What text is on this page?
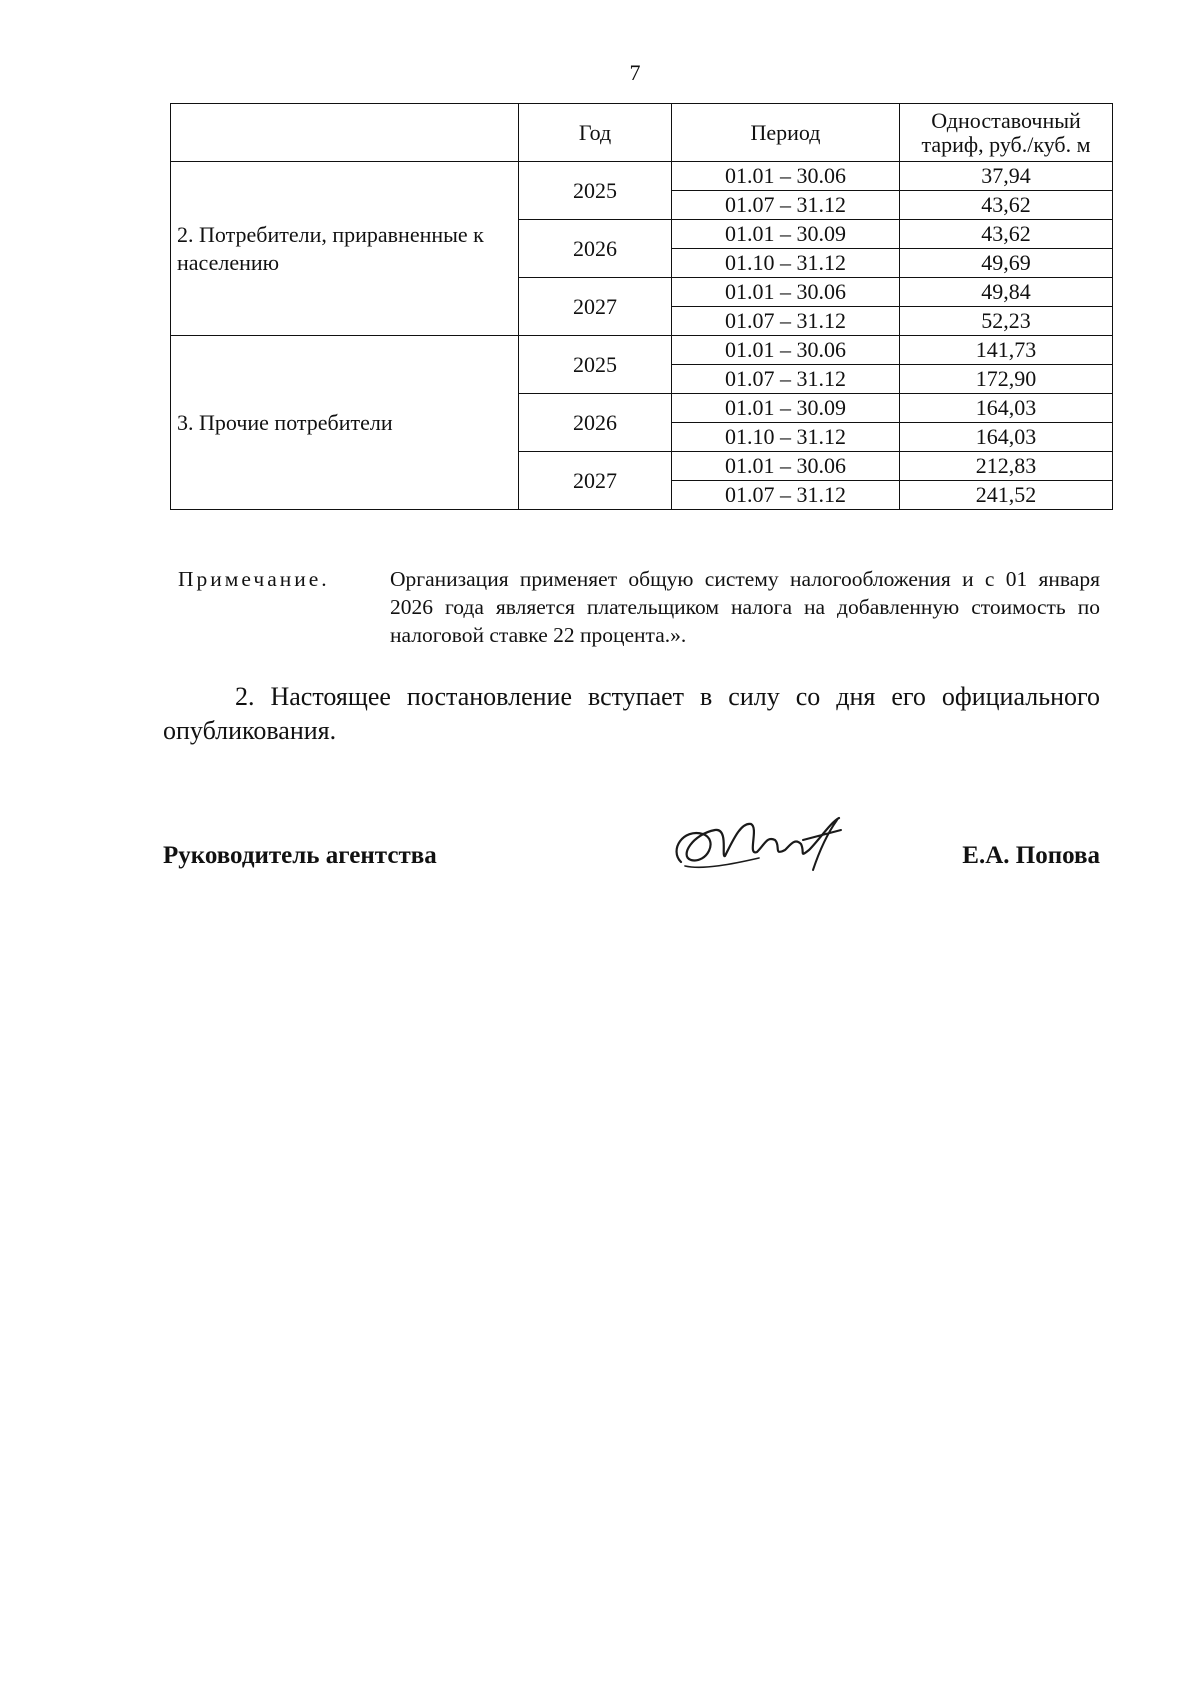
7
	Год	Период	Одноставочный тариф, руб./куб. м
2. Потребители, приравненные к населению	2025	01.01 – 30.06	37,94
		01.07 – 31.12	43,62
	2026	01.01 – 30.09	43,62
		01.10 – 31.12	49,69
	2027	01.01 – 30.06	49,84
		01.07 – 31.12	52,23
3. Прочие потребители	2025	01.01 – 30.06	141,73
		01.07 – 31.12	172,90
	2026	01.01 – 30.09	164,03
		01.10 – 31.12	164,03
	2027	01.01 – 30.06	212,83
		01.07 – 31.12	241,52
Примечание.	Организация применяет общую систему налогообложения и с 01 января 2026 года является плательщиком налога на добавленную стоимость по налоговой ставке 22 процента.».
2. Настоящее постановление вступает в силу со дня его официального опубликования.
Руководитель агентства	Е.А. Попова
